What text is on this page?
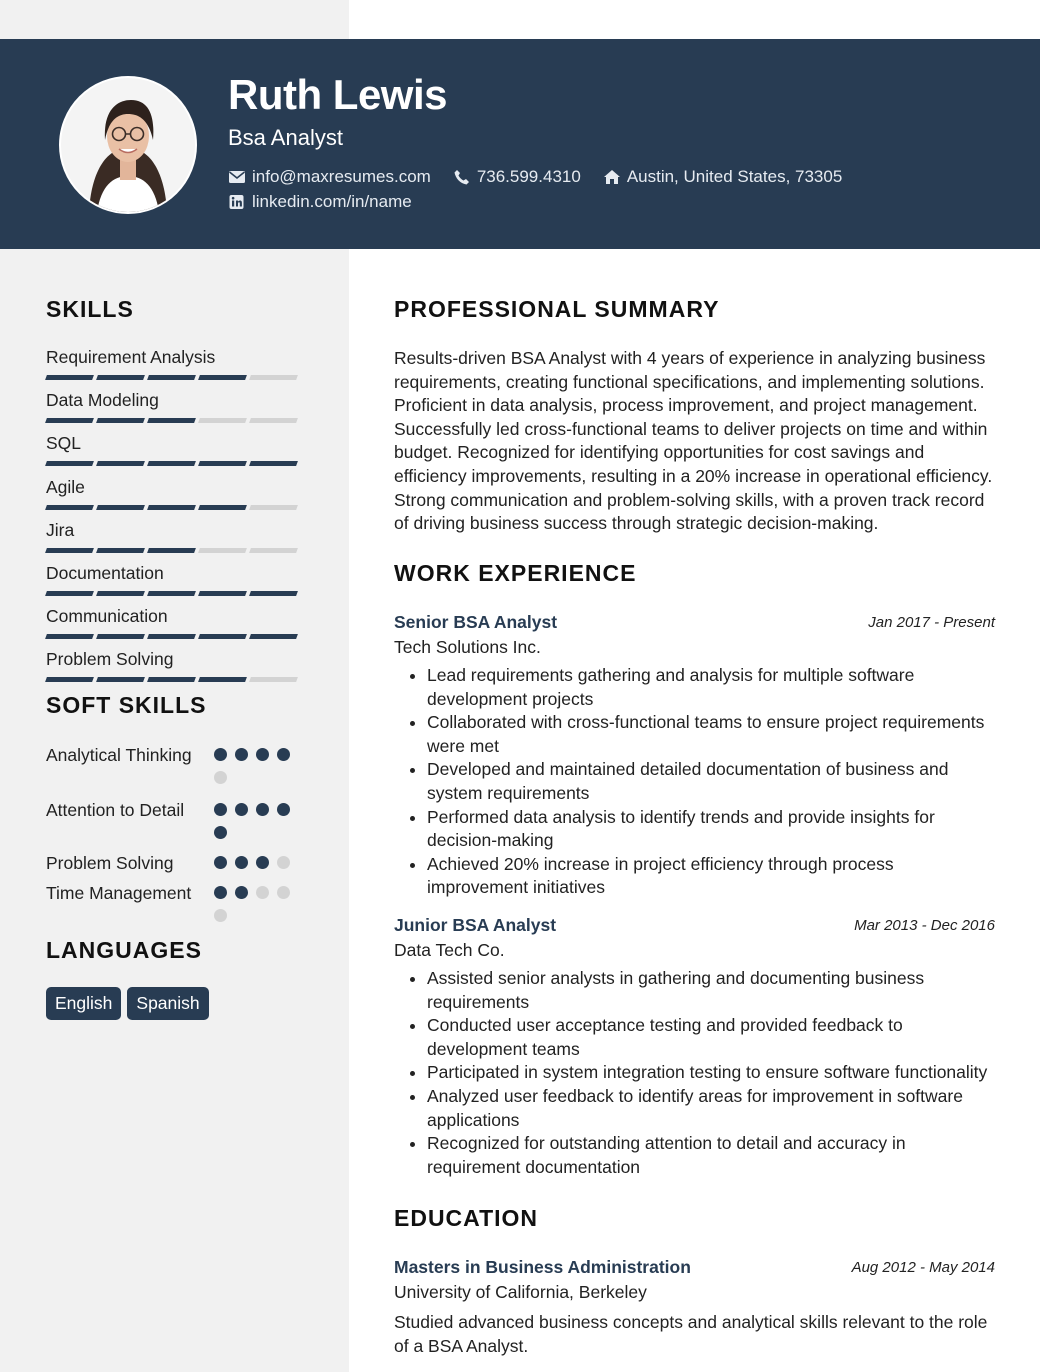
Ruth Lewis
Bsa Analyst
info@maxresumes.com	736.599.4310	Austin, United States, 73305
linkedin.com/in/name
SKILLS
Requirement Analysis
Data Modeling
SQL
Agile
Jira
Documentation
Communication
Problem Solving
SOFT SKILLS
Analytical Thinking
Attention to Detail
Problem Solving
Time Management
LANGUAGES
English	Spanish
PROFESSIONAL SUMMARY

Results-driven BSA Analyst with 4 years of experience in analyzing business requirements, creating functional specifications, and implementing solutions. Proficient in data analysis, process improvement, and project management. Successfully led cross-functional teams to deliver projects on time and within budget. Recognized for identifying opportunities for cost savings and efficiency improvements, resulting in a 20% increase in operational efficiency. Strong communication and problem-solving skills, with a proven track record of driving business success through strategic decision-making.

WORK EXPERIENCE
Senior BSA Analyst	Jan 2017 - Present
Tech Solutions Inc.
• Lead requirements gathering and analysis for multiple software development projects
• Collaborated with cross-functional teams to ensure project requirements were met
• Developed and maintained detailed documentation of business and system requirements
• Performed data analysis to identify trends and provide insights for decision-making
• Achieved 20% increase in project efficiency through process improvement initiatives
Junior BSA Analyst	Mar 2013 - Dec 2016
Data Tech Co.
• Assisted senior analysts in gathering and documenting business requirements
• Conducted user acceptance testing and provided feedback to development teams
• Participated in system integration testing to ensure software functionality
• Analyzed user feedback to identify areas for improvement in software applications
• Recognized for outstanding attention to detail and accuracy in requirement documentation
EDUCATION
Masters in Business Administration	Aug 2012 - May 2014
University of California, Berkeley
Studied advanced business concepts and analytical skills relevant to the role of a BSA Analyst.
